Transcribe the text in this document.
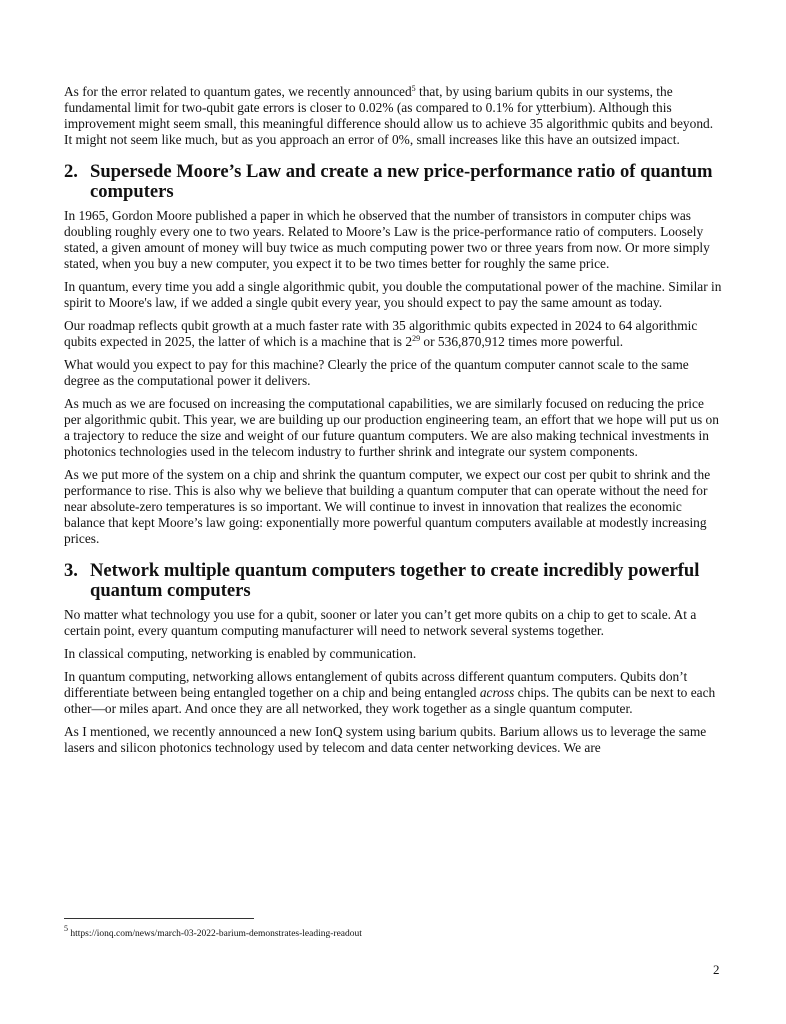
As for the error related to quantum gates, we recently announced$^5$ that, by using barium qubits in our systems, the fundamental limit for two-qubit gate errors is closer to 0.02% (as compared to 0.1% for ytterbium). Although this improvement might seem small, this meaningful difference should allow us to achieve 35 algorithmic qubits and beyond. It might not seem like much, but as you approach an error of 0%, small increases like this have an outsized impact.

2. Supersede Moore’s Law and create a new price-performance ratio of quantum computers

In 1965, Gordon Moore published a paper in which he observed that the number of transistors in computer chips was doubling roughly every one to two years. Related to Moore’s Law is the price-performance ratio of computers. Loosely stated, a given amount of money will buy twice as much computing power two or three years from now. Or more simply stated, when you buy a new computer, you expect it to be two times better for roughly the same price.

In quantum, every time you add a single algorithmic qubit, you double the computational power of the machine. Similar in spirit to Moore's law, if we added a single qubit every year, you should expect to pay the same amount as today.

Our roadmap reflects qubit growth at a much faster rate with 35 algorithmic qubits expected in 2024 to 64 algorithmic qubits expected in 2025, the latter of which is a machine that is $2^{29}$ or 536,870,912 times more powerful.

What would you expect to pay for this machine? Clearly the price of the quantum computer cannot scale to the same degree as the computational power it delivers.

As much as we are focused on increasing the computational capabilities, we are similarly focused on reducing the price per algorithmic qubit. This year, we are building up our production engineering team, an effort that we hope will put us on a trajectory to reduce the size and weight of our future quantum computers. We are also making technical investments in photonics technologies used in the telecom industry to further shrink and integrate our system components.

As we put more of the system on a chip and shrink the quantum computer, we expect our cost per qubit to shrink and the performance to rise. This is also why we believe that building a quantum computer that can operate without the need for near absolute-zero temperatures is so important. We will continue to invest in innovation that realizes the economic balance that kept Moore’s law going: exponentially more powerful quantum computers available at modestly increasing prices.

3. Network multiple quantum computers together to create incredibly powerful quantum computers

No matter what technology you use for a qubit, sooner or later you can’t get more qubits on a chip to get to scale. At a certain point, every quantum computing manufacturer will need to network several systems together.

In classical computing, networking is enabled by communication.

In quantum computing, networking allows entanglement of qubits across different quantum computers. Qubits don’t differentiate between being entangled together on a chip and being entangled across chips. The qubits can be next to each other—or miles apart. And once they are all networked, they work together as a single quantum computer.

As I mentioned, we recently announced a new IonQ system using barium qubits. Barium allows us to leverage the same lasers and silicon photonics technology used by telecom and data center networking devices. We are

$^5$ https://ionq.com/news/march-03-2022-barium-demonstrates-leading-readout
2
